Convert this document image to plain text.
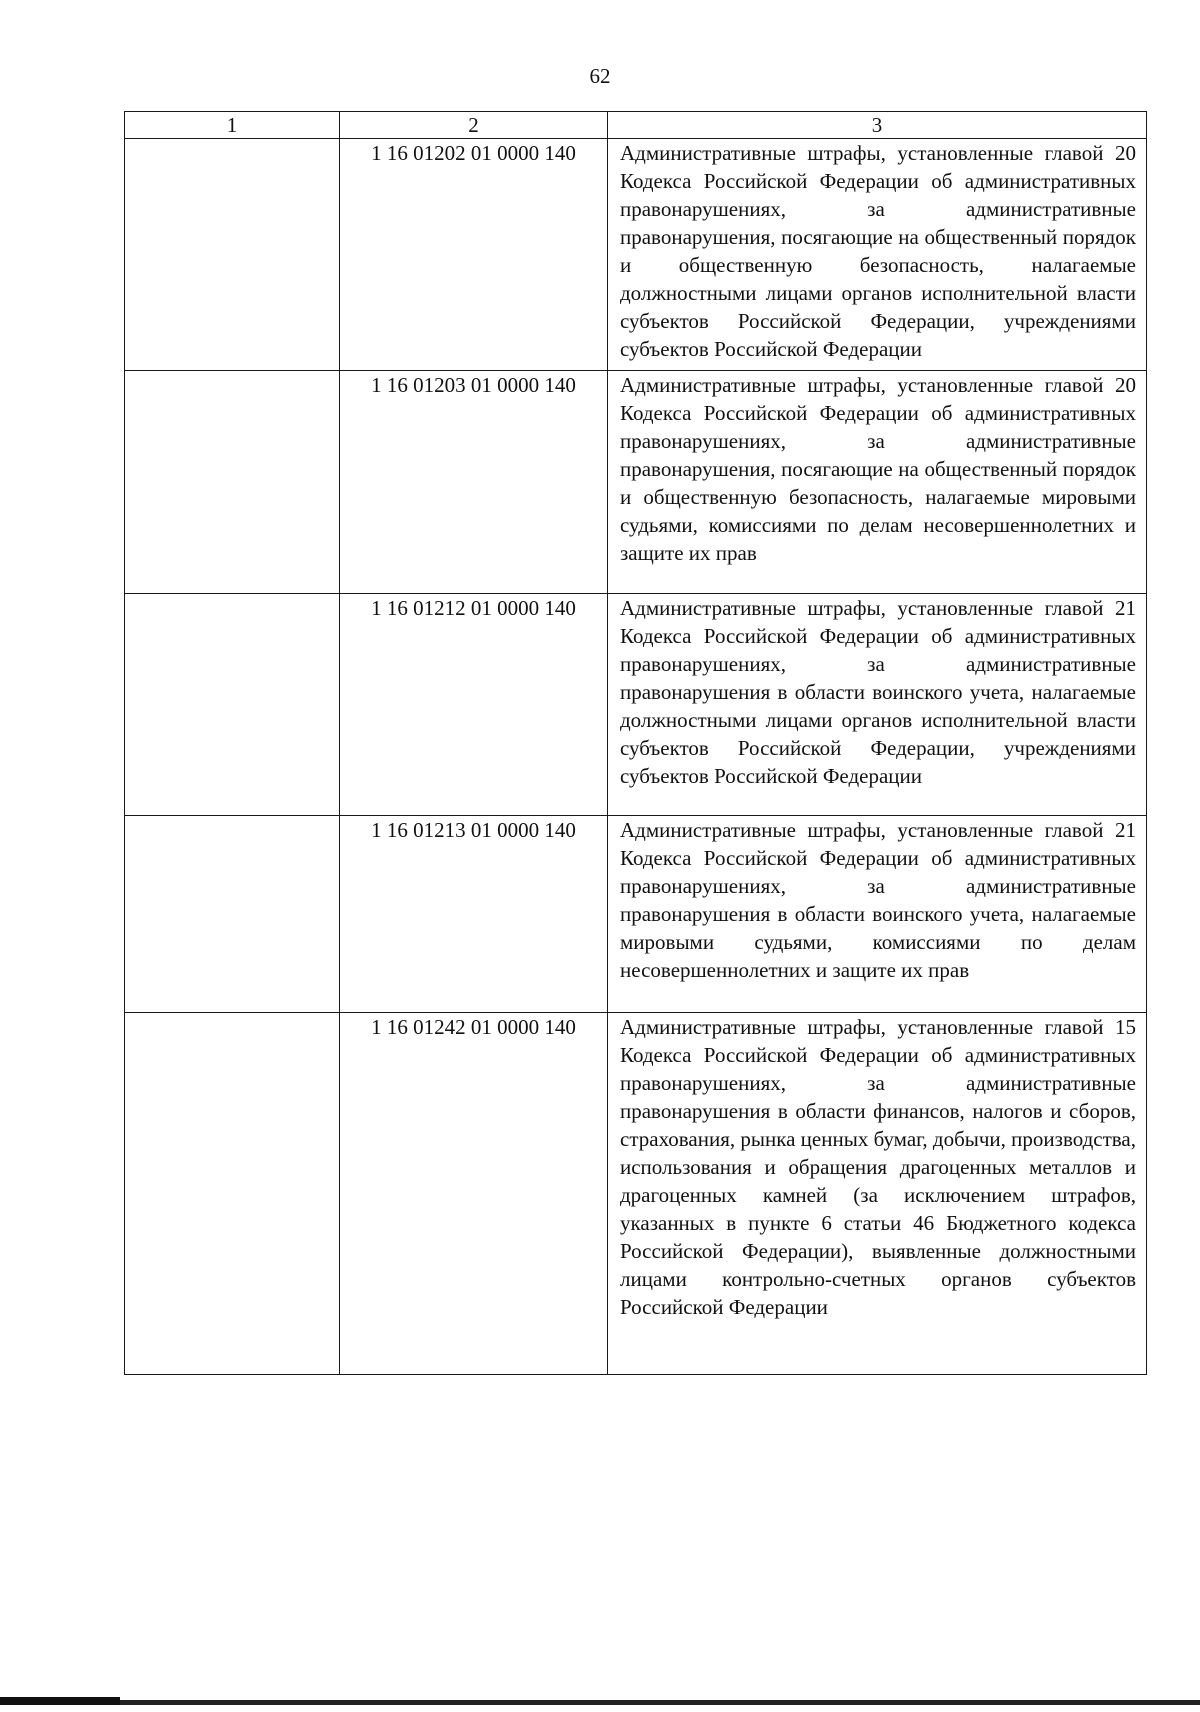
62
1	2	3
	1 16 01202 01 0000 140	Административные штрафы, установленные главой 20 Кодекса Российской Федерации об административных правонарушениях, за административные правонарушения, посягающие на общественный порядок и общественную безопасность, налагаемые должностными лицами органов исполнительной власти субъектов Российской Федерации, учреждениями субъектов Российской Федерации
	1 16 01203 01 0000 140	Административные штрафы, установленные главой 20 Кодекса Российской Федерации об административных правонарушениях, за административные правонарушения, посягающие на общественный порядок и общественную безопасность, налагаемые мировыми судьями, комиссиями по делам несовершеннолетних и защите их прав
	1 16 01212 01 0000 140	Административные штрафы, установленные главой 21 Кодекса Российской Федерации об административных правонарушениях, за административные правонарушения в области воинского учета, налагаемые должностными лицами органов исполнительной власти субъектов Российской Федерации, учреждениями субъектов Российской Федерации
	1 16 01213 01 0000 140	Административные штрафы, установленные главой 21 Кодекса Российской Федерации об административных правонарушениях, за административные правонарушения в области воинского учета, налагаемые мировыми судьями, комиссиями по делам несовершеннолетних и защите их прав
	1 16 01242 01 0000 140	Административные штрафы, установленные главой 15 Кодекса Российской Федерации об административных правонарушениях, за административные правонарушения в области финансов, налогов и сборов, страхования, рынка ценных бумаг, добычи, производства, использования и обращения драгоценных металлов и драгоценных камней (за исключением штрафов, указанных в пункте 6 статьи 46 Бюджетного кодекса Российской Федерации), выявленные должностными лицами контрольно-счетных органов субъектов Российской Федерации
